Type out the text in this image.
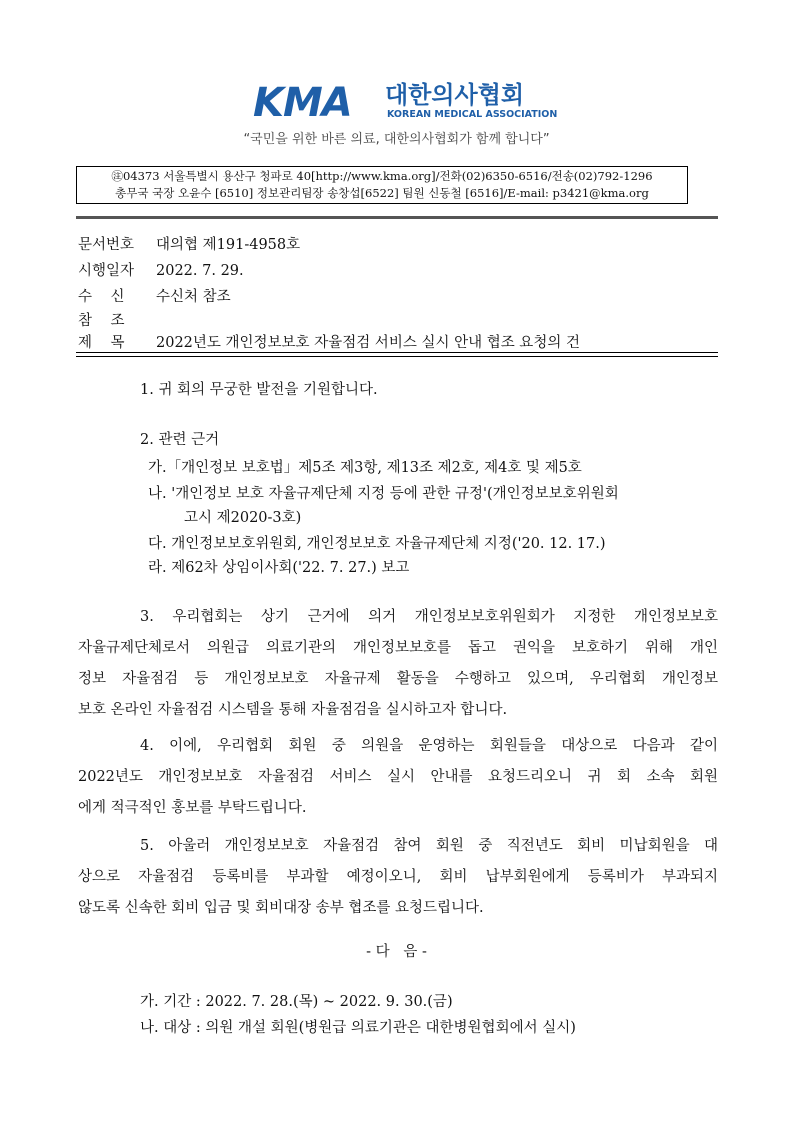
KMA 대한의사협회
KOREAN MEDICAL ASSOCIATION
“국민을 위한 바른 의료, 대한의사협회가 함께 합니다”
㊟04373 서울특별시 용산구 청파로 40[http://www.kma.org]/전화(02)6350-6516/전송(02)792-1296
총무국 국장 오윤수 [6510] 정보관리팀장 송창섭[6522] 팀원 신동철 [6516]/E-mail: p3421@kma.org
문서번호 대의협 제191-4958호
시행일자 2022. 7. 29.
수    신 수신처 참조
참    조
제    목 2022년도 개인정보보호 자율점검 서비스 실시 안내 협조 요청의 건
1. 귀 회의 무궁한 발전을 기원합니다.
2. 관련 근거
가.「개인정보 보호법」제5조 제3항, 제13조 제2호, 제4호 및 제5호
나. '개인정보 보호 자율규제단체 지정 등에 관한 규정'(개인정보보호위원회
고시 제2020-3호)
다. 개인정보보호위원회, 개인정보보호 자율규제단체 지정('20. 12. 17.)
라. 제62차 상임이사회('22. 7. 27.) 보고
3. 우리협회는 상기 근거에 의거 개인정보보호위원회가 지정한 개인정보보호
자율규제단체로서 의원급 의료기관의 개인정보보호를 돕고 권익을 보호하기 위해 개인
정보 자율점검 등 개인정보보호 자율규제 활동을 수행하고 있으며, 우리협회 개인정보
보호 온라인 자율점검 시스템을 통해 자율점검을 실시하고자 합니다.
4. 이에, 우리협회 회원 중 의원을 운영하는 회원들을 대상으로 다음과 같이
2022년도 개인정보보호 자율점검 서비스 실시 안내를 요청드리오니 귀 회 소속 회원
에게 적극적인 홍보를 부탁드립니다.
5. 아울러 개인정보보호 자율점검 참여 회원 중 직전년도 회비 미납회원을 대
상으로 자율점검 등록비를 부과할 예정이오니, 회비 납부회원에게 등록비가 부과되지
않도록 신속한 회비 입금 및 회비대장 송부 협조를 요청드립니다.
- 다   음 -
가. 기간 : 2022. 7. 28.(목) ~ 2022. 9. 30.(금)
나. 대상 : 의원 개설 회원(병원급 의료기관은 대한병원협회에서 실시)
